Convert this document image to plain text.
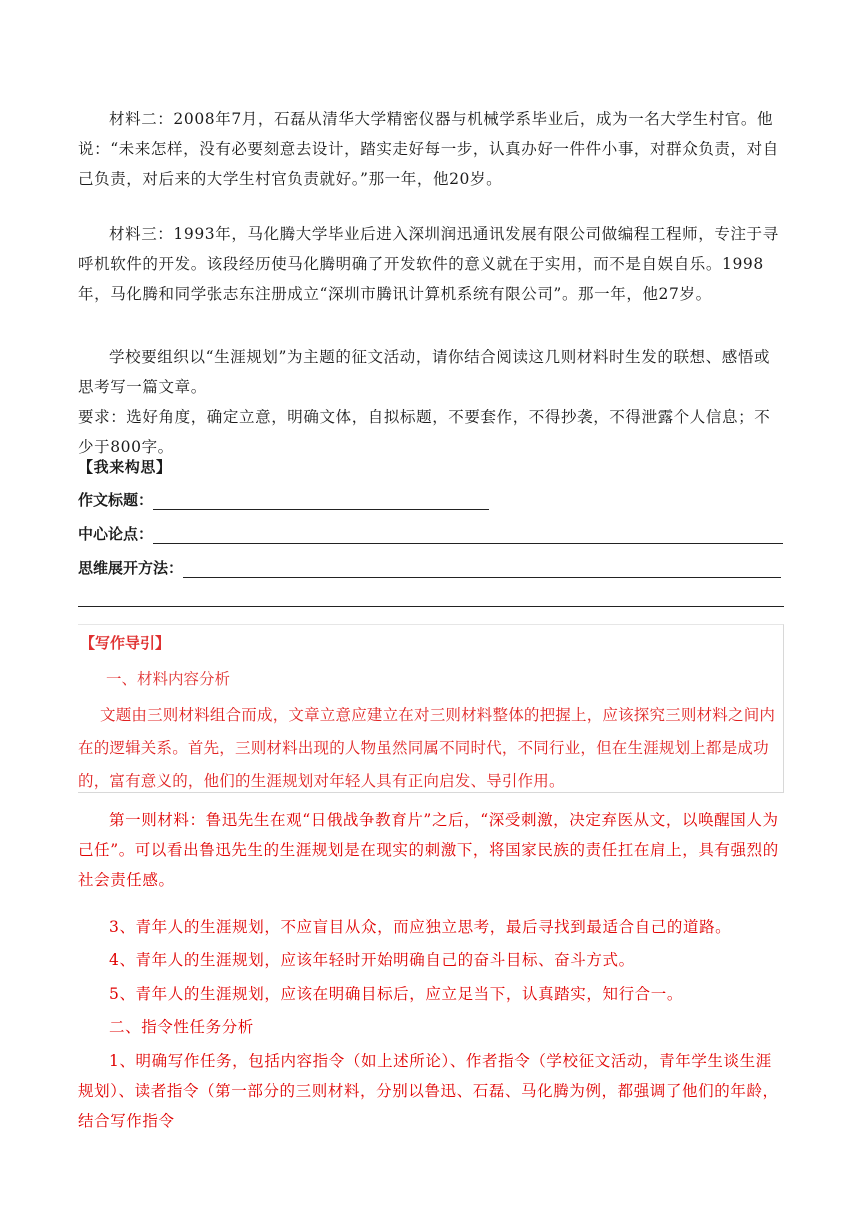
材料二：2008年7月，石磊从清华大学精密仪器与机械学系毕业后，成为一名大学生村官。他说：“未来怎样，没有必要刻意去设计，踏实走好每一步，认真办好一件件小事，对群众负责，对自己负责，对后来的大学生村官负责就好。”那一年，他20岁。
材料三：1993年，马化腾大学毕业后进入深圳润迅通讯发展有限公司做编程工程师，专注于寻呼机软件的开发。该段经历使马化腾明确了开发软件的意义就在于实用，而不是自娱自乐。1998年，马化腾和同学张志东注册成立“深圳市腾讯计算机系统有限公司”。那一年，他27岁。
学校要组织以“生涯规划”为主题的征文活动，请你结合阅读这几则材料时生发的联想、感悟或思考写一篇文章。
要求：选好角度，确定立意，明确文体，自拟标题，不要套作，不得抄袭，不得泄露个人信息；不少于800字。
【我来构思】
作文标题：
中心论点：
思维展开方法：
【写作导引】
一、材料内容分析
文题由三则材料组合而成，文章立意应建立在对三则材料整体的把握上，应该探究三则材料之间内在的逻辑关系。首先，三则材料出现的人物虽然同属不同时代，不同行业，但在生涯规划上都是成功的，富有意义的，他们的生涯规划对年轻人具有正向启发、导引作用。
第一则材料：鲁迅先生在观“日俄战争教育片”之后，“深受刺激，决定弃医从文，以唤醒国人为己任”。可以看出鲁迅先生的生涯规划是在现实的刺激下，将国家民族的责任扛在肩上，具有强烈的社会责任感。
3、青年人的生涯规划，不应盲目从众，而应独立思考，最后寻找到最适合自己的道路。
4、青年人的生涯规划，应该年轻时开始明确自己的奋斗目标、奋斗方式。
5、青年人的生涯规划，应该在明确目标后，应立足当下，认真踏实，知行合一。
二、指令性任务分析
1、明确写作任务，包括内容指令（如上述所论）、作者指令（学校征文活动，青年学生谈生涯规划）、读者指令（第一部分的三则材料，分别以鲁迅、石磊、马化腾为例，都强调了他们的年龄，结合写作指令
